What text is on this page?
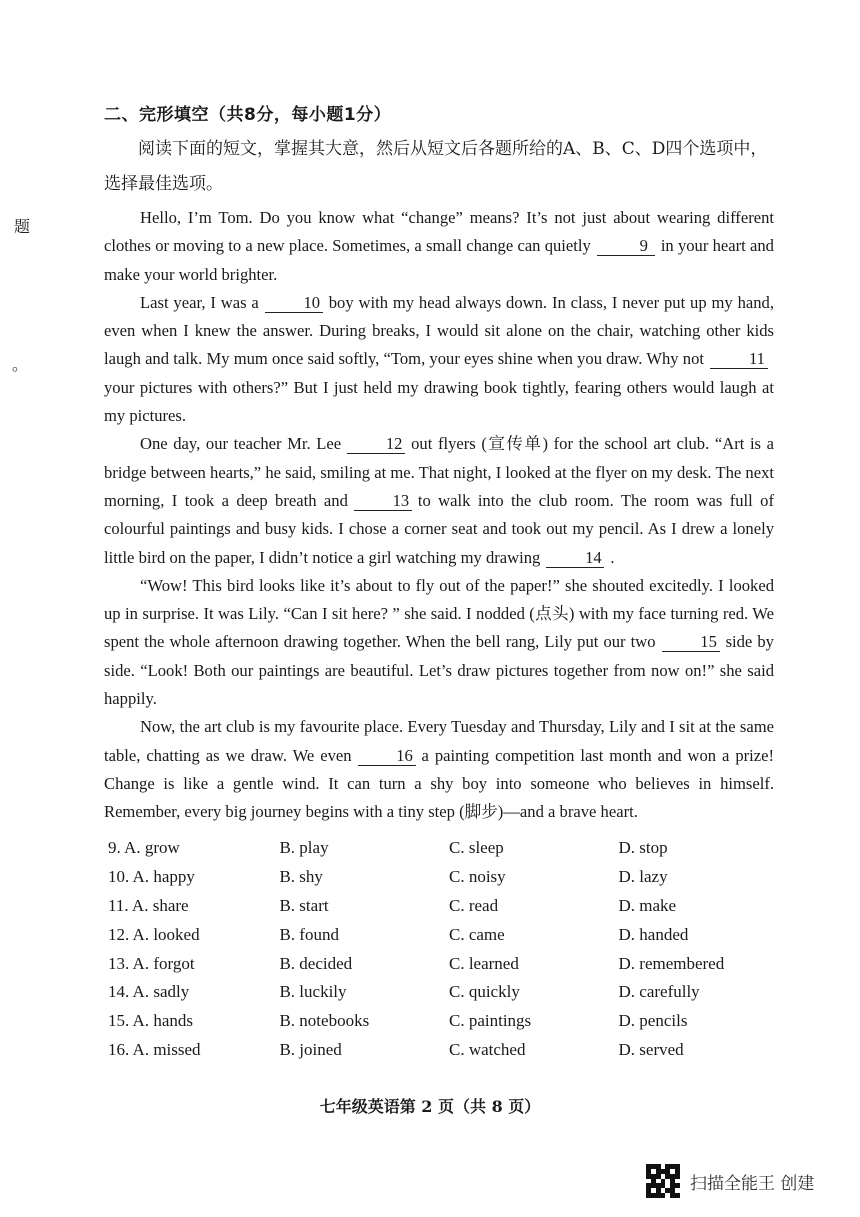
题
。
二、完形填空（共8分，每小题1分）
阅读下面的短文，掌握其大意，然后从短文后各题所给的A、B、C、D四个选项中，选择最佳选项。

Hello, I’m Tom. Do you know what “change” means? It’s not just about wearing different clothes or moving to a new place. Sometimes, a small change can quietly	9 in your heart and make your world brighter.

Last year, I was a	10 boy with my head always down. In class, I never put up my hand, even when I knew the answer. During breaks, I would sit alone on the chair, watching other kids laugh and talk. My mum once said softly, “Tom, your eyes shine when you draw. Why not	11your pictures with others?” But I just held my drawing book tightly, fearing others would laugh at my pictures.

One day, our teacher Mr. Lee	12 out flyers (宣传单) for the school art club. “Art is a bridge between hearts,” he said, smiling at me. That night, I looked at the flyer on my desk. The next morning, I took a deep breath and	13 to walk into the club room. The room was full of colourful paintings and busy kids. I chose a corner seat and took out my pencil. As I drew a lonely little bird on the paper, I didn’t notice a girl watching my drawing	14 .

“Wow! This bird looks like it’s about to fly out of the paper!” she shouted excitedly. I looked up in surprise. It was Lily. “Can I sit here? ” she said. I nodded (点头) with my face turning red. We spent the whole afternoon drawing together. When the bell rang, Lily put our two	15 side by side. “Look! Both our paintings are beautiful. Let’s draw pictures together from now on!” she said happily.

Now, the art club is my favourite place. Every Tuesday and Thursday, Lily and I sit at the same table, chatting as we draw. We even	16 a painting competition last month and won a prize! Change is like a gentle wind. It can turn a shy boy into someone who believes in himself. Remember, every big journey begins with a tiny step (脚步)—and a brave heart.

9. A. grow	B. play	C. sleep	D. stop
10. A. happy	B. shy	C. noisy	D. lazy
11. A. share	B. start	C. read	D. make
12. A. looked	B. found	C. came	D. handed
13. A. forgot	B. decided	C. learned	D. remembered
14. A. sadly	B. luckily	C. quickly	D. carefully
15. A. hands	B. notebooks	C. paintings	D. pencils
16. A. missed	B. joined	C. watched	D. served
七年级英语第 2 页（共 8 页）
扫描全能王 创建
